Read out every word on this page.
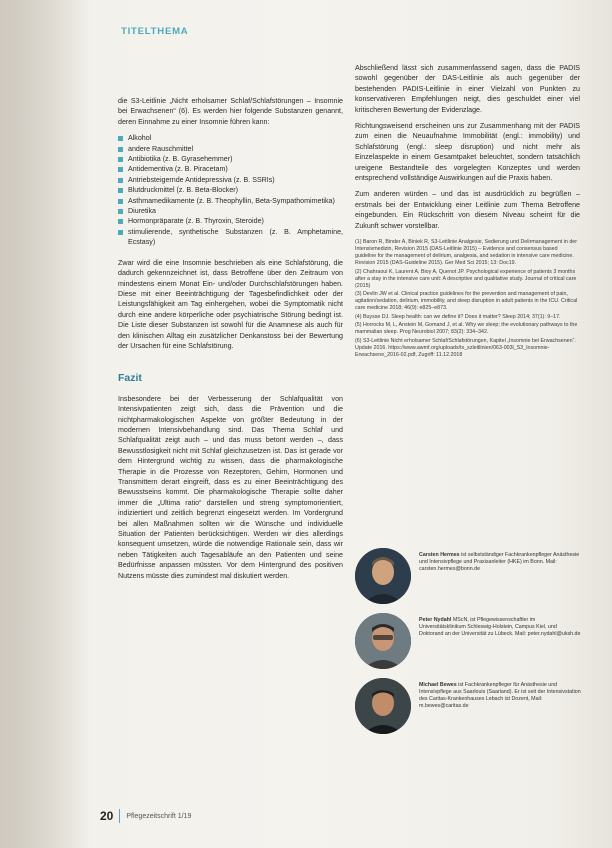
TITELTHEMA

die S3-Leitlinie „Nicht erholsamer Schlaf/Schlafstörungen – Insomnie bei Erwachsenen“ (6). Es werden hier folgende Substanzen genannt, deren Einnahme zu einer Insomnie führen kann:

Alkohol
andere Rauschmittel
Antibiotika (z. B. Gyrasehemmer)
Antidementiva (z. B. Piracetam)
Antriebsteigernde Antidepressiva (z. B. SSRIs)
Blutdruckmittel (z. B. Beta-Blocker)
Asthmamedikamente (z. B. Theophyllin, Beta-Sympathomimetika)
Diuretika
Hormonpräparate (z. B. Thyroxin, Steroide)
stimulierende, synthetische Substanzen (z. B. Amphetamine, Ecstasy)

Zwar wird die eine Insomnie beschrieben als eine Schlafstörung, die dadurch gekennzeichnet ist, dass Betroffene über den Zeitraum von mindestens einem Monat Ein- und/oder Durchschlafstörungen haben. Diese mit einer Beeinträchtigung der Tagesbefindlichkeit oder der Leistungsfähigkeit am Tag einhergehen, wobei die Symptomatik nicht durch eine andere körperliche oder psychiatrische Störung bedingt ist. Die Liste dieser Substanzen ist sowohl für die Anamnese als auch für den klinischen Alltag ein zusätzlicher Denkanstoss bei der Bewertung der Ursachen für eine Schlafstörung.

Fazit

Insbesondere bei der Verbesserung der Schlafqualität von Intensivpatienten zeigt sich, dass die Prävention und die nichtpharmakologischen Aspekte von größter Bedeutung in der modernen Intensivbehandlung sind. Das Thema Schlaf und Schlafqualität zeigt auch – und das muss betont werden –, dass Bewusstlosigkeit nicht mit Schlaf gleichzusetzen ist. Das ist gerade vor dem Hintergrund wichtig zu wissen, dass die pharmakologische Therapie in die Prozesse von Rezeptoren, Gehirn, Hormonen und Transmittern derart eingreift, dass es zu einer Beeinträchtigung des Bewusstseins kommt. Die pharmakologische Therapie sollte daher immer die „Ultima ratio“ darstellen und streng symptomorientiert, indiziertiert und zeitlich begrenzt eingesetzt werden. Im Vordergrund bei allen Maßnahmen sollten wir die Wünsche und individuelle Situation der Patienten berücksichtigen. Werden wir dies allerdings konsequent umsetzen, würde die notwendige Rationale sein, dass wir neben Tätigkeiten auch Tagesabläufe an den Patienten und seine Bedürfnisse anpassen müssten. Vor dem Hintergrund des positiven Nutzens müsste dies zumindest mal diskutiert werden.

Abschließend lässt sich zusammenfassend sagen, dass die PADIS sowohl gegenüber der DAS-Leitlinie als auch gegenüber der bestehenden PADIS-Leitlinie in einer Vielzahl von Punkten zu konservativeren Empfehlungen neigt, dies geschuldet einer viel kritischeren Bewertung der Evidenzlage.

Richtungsweisend erscheinen uns zur Zusammenhang mit der PADIS zum einen die Neuaufnahme Immobilität (engl.: immobility) und Schlafstörung (engl.: sleep disruption) und nicht mehr als Einzelaspekte in einem Gesamtpaket beleuchtet, sondern tatsächlich ureigene Bestandteile des vorgelegten Konzeptes und werden entsprechend vollständige Auswirkungen auf die Praxis haben.

Zum anderen würden – und das ist ausdrücklich zu begrüßen – erstmals bei der Entwicklung einer Leitlinie zum Thema Betroffene eingebunden. Ein Rückschritt von diesem Niveau scheint für die Zukunft schwer vorstellbar.

(1) Baron R, Binder A, Biniek R, S3-Leitlinie Analgesie, Sedierung und Delirmanagement in der Intensivmedizin, Revision 2015 (DAS-Leitlinie 2015) – Evidence and consensus based guideline for the management of delirium, analgesia, and sedation in intensive care medicine. Revision 2015 (DAS-Guideline 2015). Ger Med Sci 2015; 13: Doc19.
(2) Chahraoui K, Laurent A, Bioy A, Quenot JP. Psychological experience of patients 3 months after a stay in the intensive care unit: A descriptive and qualitative study. Journal of critical care (2015)
(3) Devlin JW et al. Clinical practice guidelines for the prevention and management of pain, agitation/sedation, delirium, immobility, and sleep disruption in adult patients in the ICU. Critical care medicine 2018; 46(9): e825–e873.
(4) Buysse DJ. Sleep health: can we define it? Does it matter? Sleep 2014; 37(1): 9–17.
(5) Horrocks M, L, Anstein M, Gomand J, et al. Why we sleep; the evolutionary pathways to the mammalian sleep. Prog Neurobiol 2007; 83(2): 334–342.
(6) S3-Leitlinie Nicht erholsamer Schlaf/Schlafstörungen, Kapitel „Insomnie bei Erwachsenen“. Update 2016. https://www.awmf.org/uploads/tx_szleitlinien/063-003l_S3_Insomnie-Erwachsene_2016-02.pdf, Zugriff: 11.12.2018
Carsten Hermes ist selbstständiger Fachkrankenpfleger Anästhesie und Intensivpflege und Praxisanleiter (HKE) im Bonn. Mail: carsten.hermes@bonn.de
Peter Nydahl MScN, ist Pflegewissenschaftler im Universitätsklinikum Schleswig-Holstein, Campus Kiel, und Doktorand an der Universität zu Lübeck. Mail: peter.nydahl@uksh.de
Michael Bewes ist Fachkrankenpfleger für Anästhesie und Intensivpflege aus Saarlouis (Saarland). Er ist seit der Intensivstation des Caritas-Krankenhauses Lebach ist Dozent, Mail: m.bewes@caritas.de
20 Pflegezeitschrift 1/19
